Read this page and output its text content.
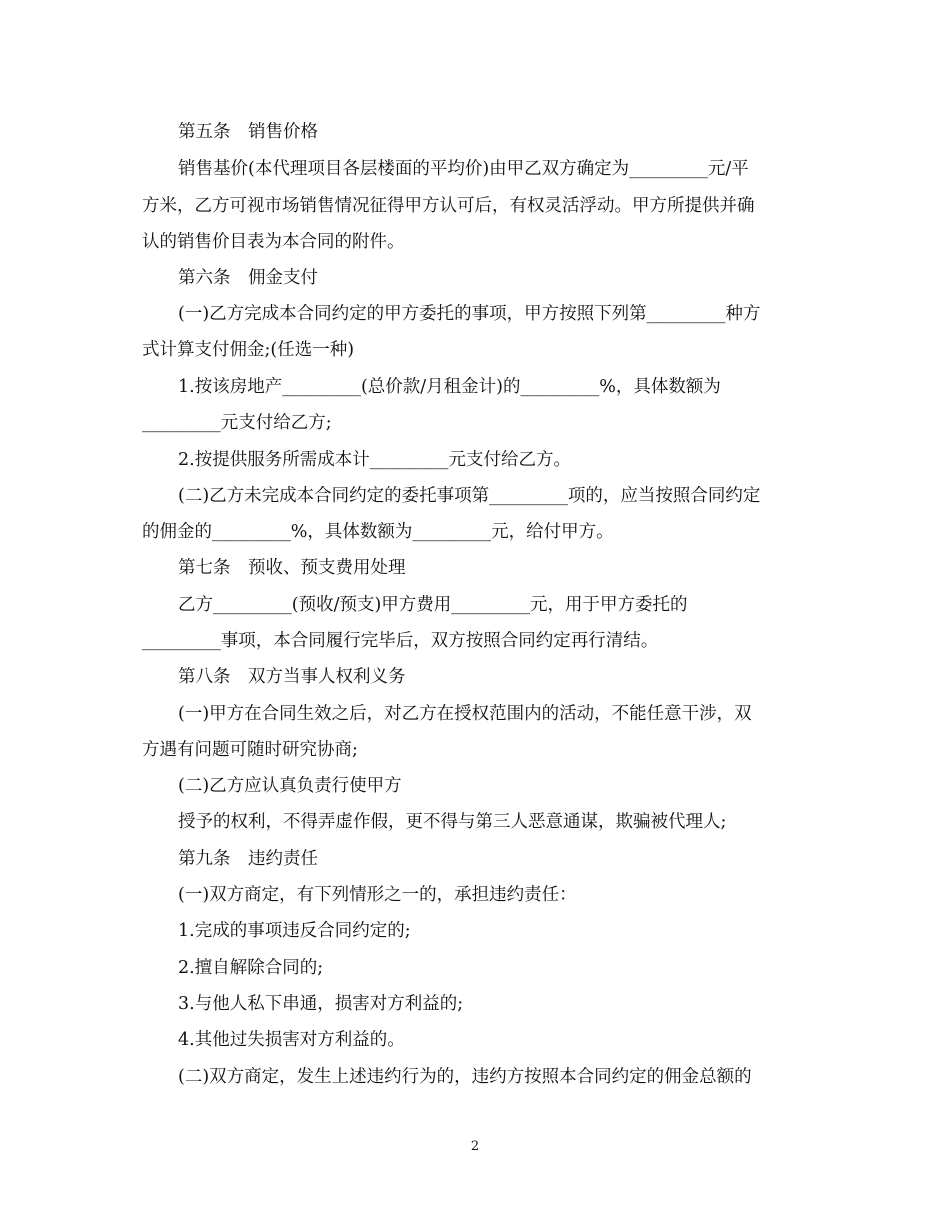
第五条　销售价格
销售基价(本代理项目各层楼面的平均价)由甲乙双方确定为_________元/平
方米，乙方可视市场销售情况征得甲方认可后，有权灵活浮动。甲方所提供并确
认的销售价目表为本合同的附件。
第六条　佣金支付
(一)乙方完成本合同约定的甲方委托的事项，甲方按照下列第_________种方
式计算支付佣金;(任选一种)
1.按该房地产_________(总价款/月租金计)的_________%，具体数额为
_________元支付给乙方;
2.按提供服务所需成本计_________元支付给乙方。
(二)乙方未完成本合同约定的委托事项第_________项的，应当按照合同约定
的佣金的_________%，具体数额为_________元，给付甲方。
第七条　预收、预支费用处理
乙方_________(预收/预支)甲方费用_________元，用于甲方委托的
_________事项，本合同履行完毕后，双方按照合同约定再行清结。
第八条　双方当事人权利义务
(一)甲方在合同生效之后，对乙方在授权范围内的活动，不能任意干涉，双
方遇有问题可随时研究协商;
(二)乙方应认真负责行使甲方
授予的权利，不得弄虚作假，更不得与第三人恶意通谋，欺骗被代理人;
第九条　违约责任
(一)双方商定，有下列情形之一的，承担违约责任：
1.完成的事项违反合同约定的;
2.擅自解除合同的;
3.与他人私下串通，损害对方利益的;
4.其他过失损害对方利益的。
(二)双方商定，发生上述违约行为的，违约方按照本合同约定的佣金总额的
2
